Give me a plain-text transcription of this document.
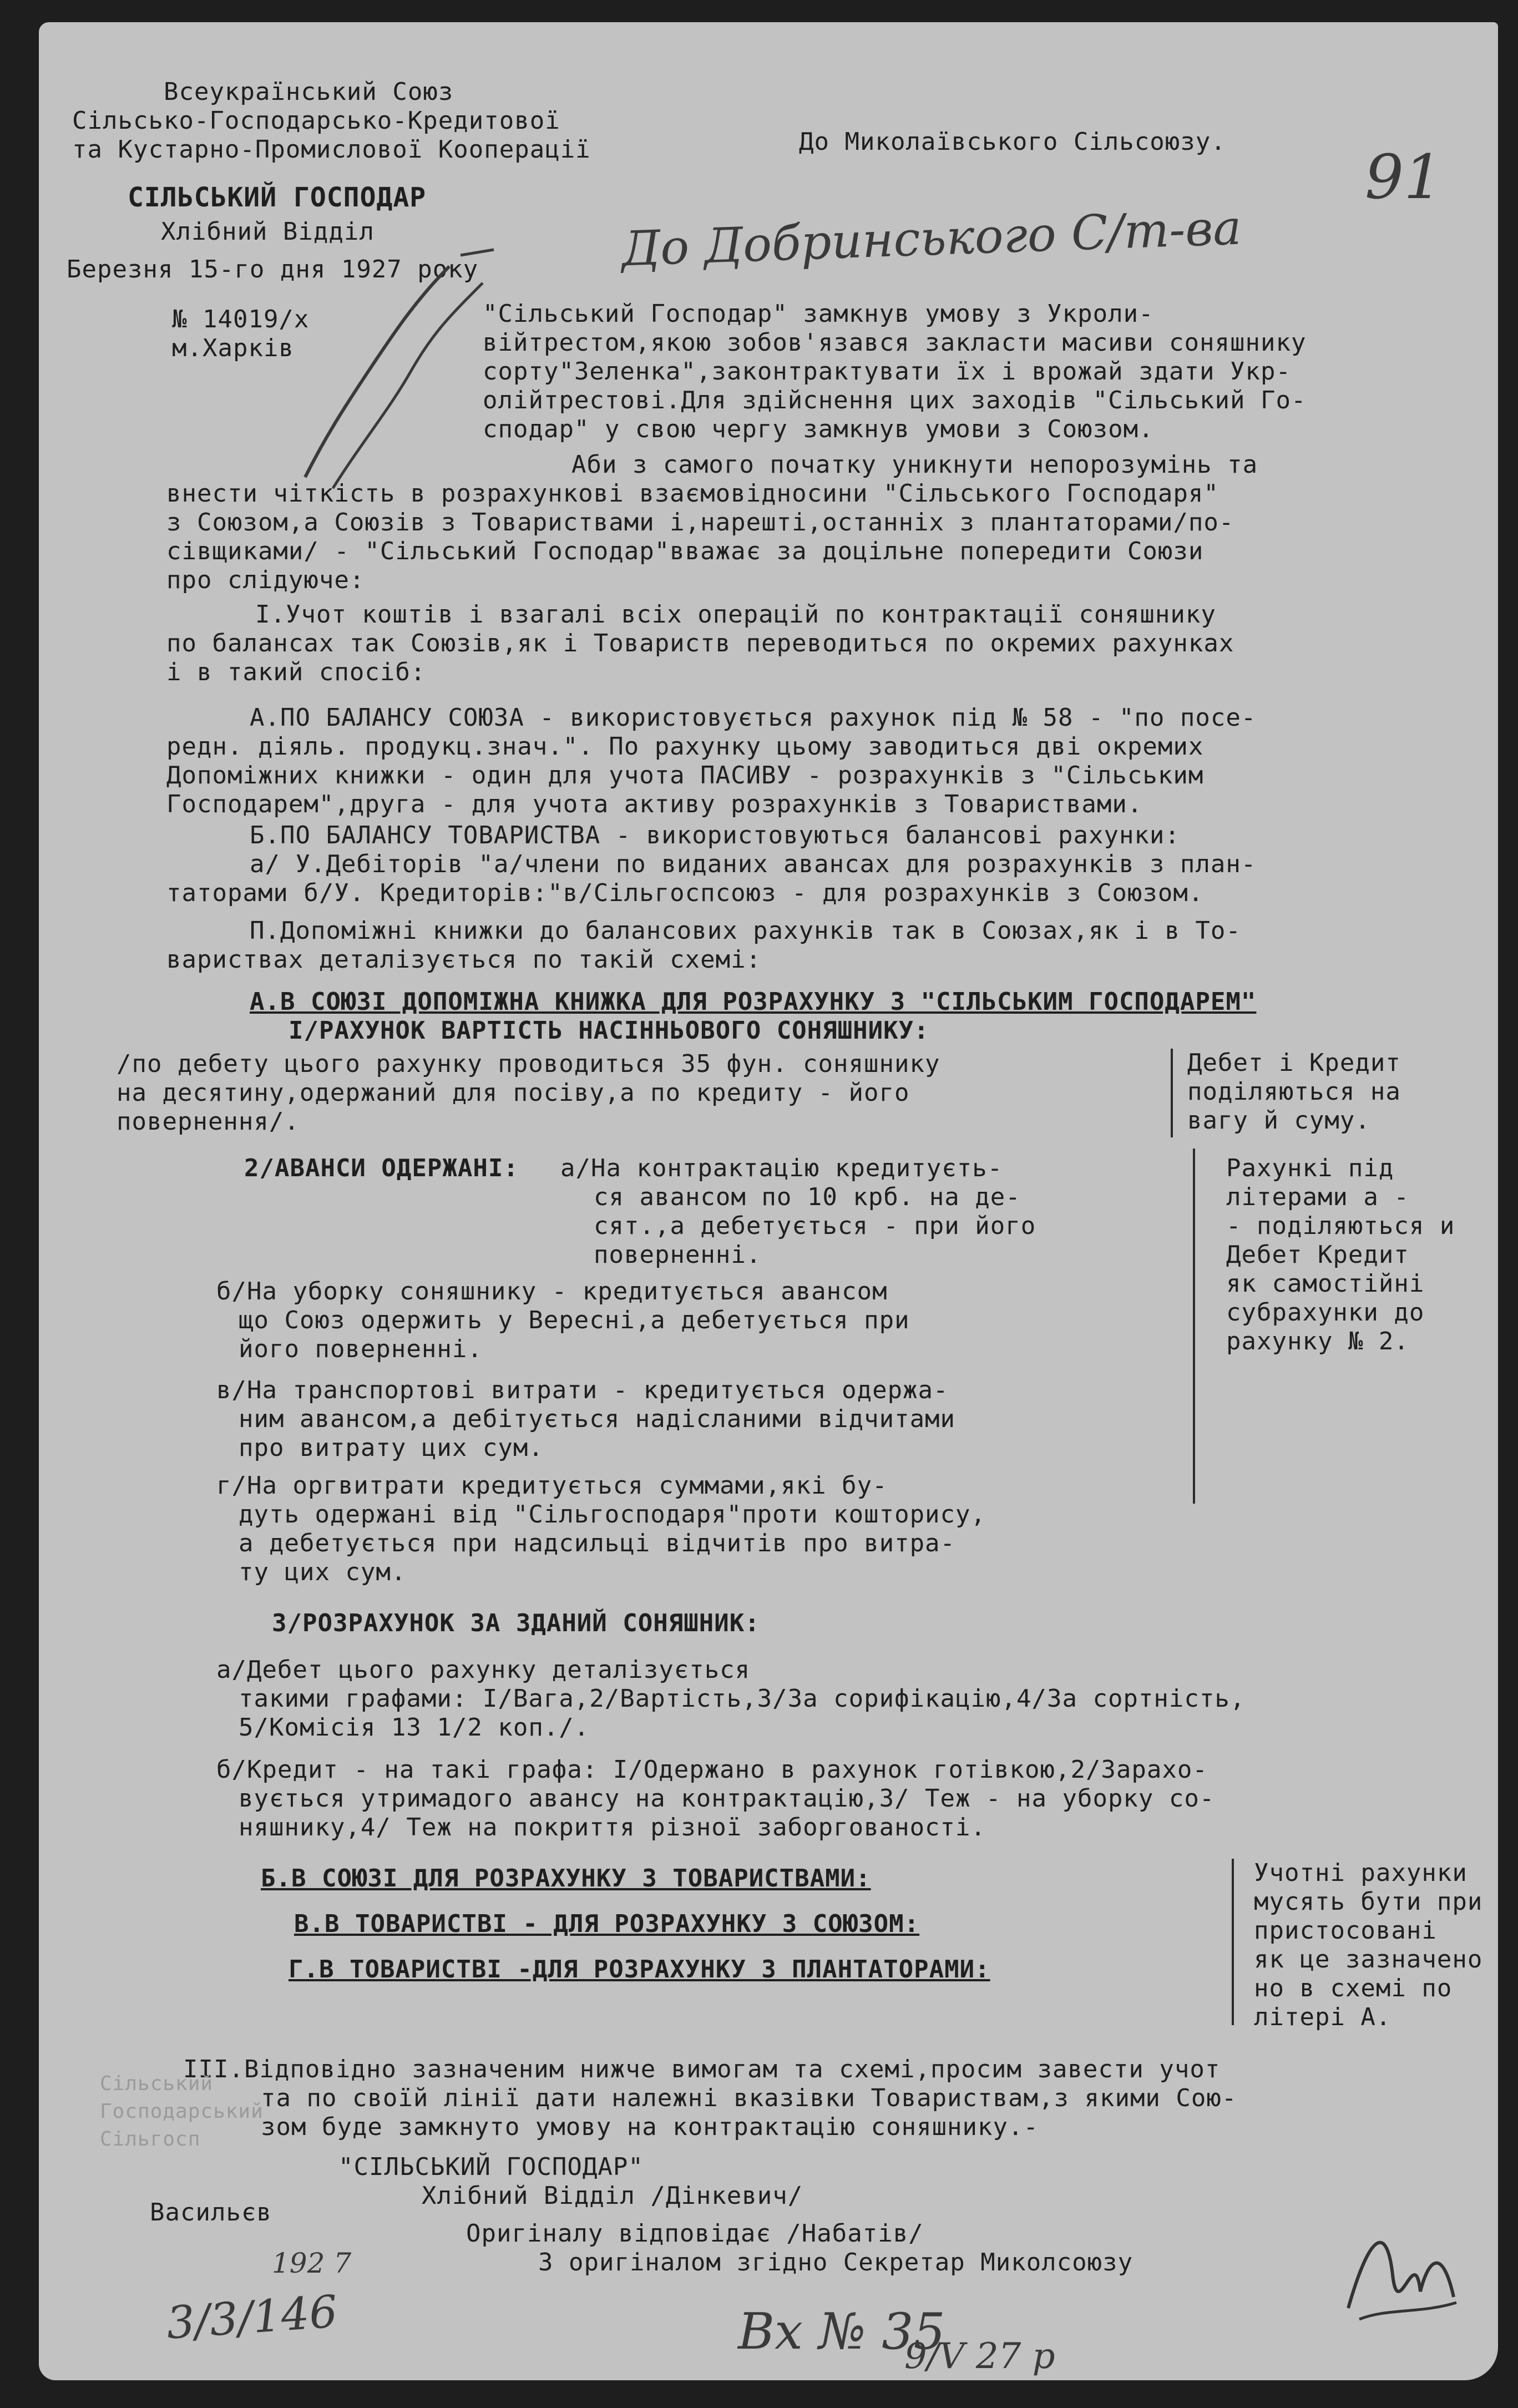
Всеукраїнський Союз
Сільсько-Господарсько-Кредитової
та Кустарно-Промислової Кооперації
СІЛЬСЬКИЙ ГОСПОДАР
Хлібний Відділ
Березня 15-го дня 1927 року
№ 14019/х
м.Харків
До Миколаївського Сільсоюзу.
До Добринського С/т-ва
91
"Сільський Господар" замкнув умову з Укроли-
війтрестом,якою зобов'язався закласти масиви соняшнику
сорту"Зеленка",законтрактувати їх і врожай здати Укр-
олійтрестові.Для здійснення цих заходів "Сільський Го-
сподар" у свою чергу замкнув умови з Союзом.
Аби з самого початку уникнути непорозумінь та
внести чіткість в розрахункові взаємовідносини "Сільського Господаря"
з Союзом,а Союзів з Товариствами і,нарешті,останніх з плантаторами/по-
сівщиками/ - "Сільський Господар"вважає за доцільне попередити Союзи
про слідуюче:
І.Учот коштів і взагалі всіх операцій по контрактації соняшнику
по балансах так Союзів,як і Товариств переводиться по окремих рахунках
і в такий спосіб:
А.ПО БАЛАНСУ СОЮЗА - використовується рахунок під № 58 - "по посе-
редн. діяль. продукц.знач.". По рахунку цьому заводиться дві окремих
Допоміжних книжки - один для учота ПАСИВУ - розрахунків з "Сільським
Господарем",друга - для учота активу розрахунків з Товариствами.
Б.ПО БАЛАНСУ ТОВАРИСТВА - використовуються балансові рахунки:
а/ У.Дебіторів "а/члени по виданих авансах для розрахунків з план-
таторами б/У. Кредиторів:"в/Сільгоспсоюз - для розрахунків з Союзом.
П.Допоміжні книжки до балансових рахунків так в Союзах,як і в То-
вариствах деталізується по такій схемі:
А.В СОЮЗІ ДОПОМІЖНА КНИЖКА ДЛЯ РОЗРАХУНКУ З "СІЛЬСЬКИМ ГОСПОДАРЕМ"
І/РАХУНОК ВАРТІСТЬ НАСІННЬОВОГО СОНЯШНИКУ:
/по дебету цього рахунку проводиться 35 фун. соняшнику
на десятину,одержаний для посіву,а по кредиту - його
повернення/.
Дебет і Кредит
поділяються на
вагу й суму.
2/АВАНСИ ОДЕРЖАНІ: а/На контрактацію кредитуєть-
ся авансом по 10 крб. на де-
сят.,а дебетується - при його
поверненні.
б/На уборку соняшнику - кредитується авансом
що Союз одержить у Вересні,а дебетується при
його поверненні.
в/На транспортові витрати - кредитується одержа-
ним авансом,а дебітується надісланими відчитами
про витрату цих сум.
г/На оргвитрати кредитується суммами,які бу-
дуть одержані від "Сільгосподаря"проти кошторису,
а дебетується при надсильці відчитів про витра-
ту цих сум.
Рахункі під
літерами а -
- поділяються и
Дебет Кредит
як самостійні
субрахунки до
рахунку № 2.
3/РОЗРАХУНОК ЗА ЗДАНИЙ СОНЯШНИК:
а/Дебет цього рахунку деталізується
такими графами: І/Вага,2/Вартість,3/За сорифікацію,4/За сортність,
5/Комісія 13 1/2 коп./.
б/Кредит - на такі графа: І/Одержано в рахунок готівкою,2/Зарахо-
вується утримадого авансу на контрактацію,3/ Теж - на уборку со-
няшнику,4/ Теж на покриття різної заборгованості.
Б.В СОЮЗІ ДЛЯ РОЗРАХУНКУ З ТОВАРИСТВАМИ:
В.В ТОВАРИСТВІ - ДЛЯ РОЗРАХУНКУ З СОЮЗОМ:
Г.В ТОВАРИСТВІ -ДЛЯ РОЗРАХУНКУ З ПЛАНТАТОРАМИ:
Учотні рахунки
мусять бути при
пристосовані
як це зазначено
но в схемі по
літері А.
ІІІ.Відповідно зазначеним нижче вимогам та схемі,просим завести учот
та по своїй лінії дати належні вказівки Товариствам,з якими Сою-
зом буде замкнуто умову на контрактацію соняшнику.-
Сільський
Господарський
Сільгосп
"СІЛЬСЬКИЙ ГОСПОДАР"
Хлібний Відділ /Дінкевич/
Васильєв
Оригіналу відповідає /Набатів/
З оригіналом згідно Секретар Миколсоюзу
192 7
3/3/146	Вх № 35
9/V 27 р
